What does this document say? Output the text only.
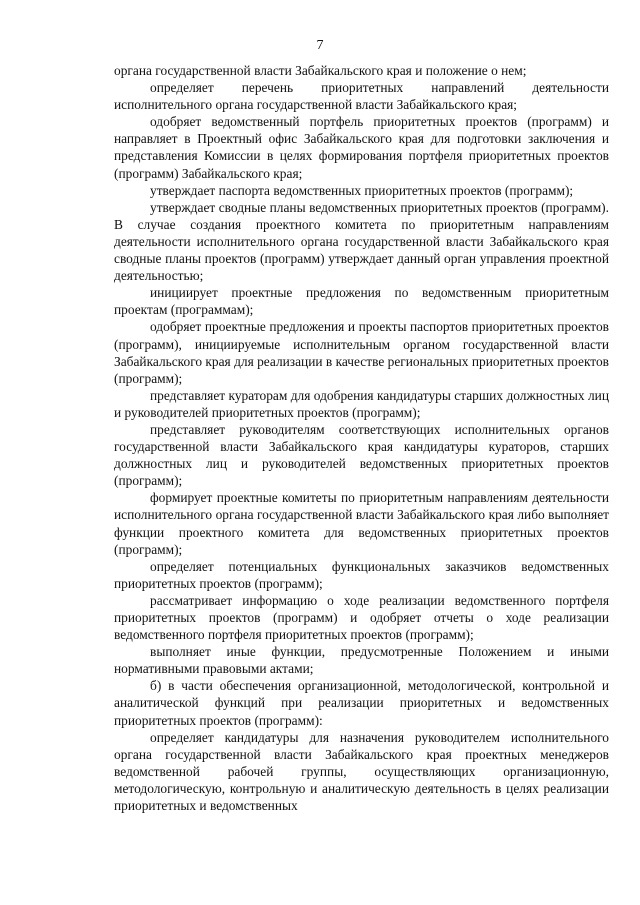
7

органа государственной власти Забайкальского края и положение о нем;

определяет перечень приоритетных направлений деятельности исполнительного органа государственной власти Забайкальского края;

одобряет ведомственный портфель приоритетных проектов (программ) и направляет в Проектный офис Забайкальского края для подготовки заключения и представления Комиссии в целях формирования портфеля приоритетных проектов (программ) Забайкальского края;

утверждает паспорта ведомственных приоритетных проектов (программ);

утверждает сводные планы ведомственных приоритетных проектов (программ). В случае создания проектного комитета по приоритетным направлениям деятельности исполнительного органа государственной власти Забайкальского края сводные планы проектов (программ) утверждает данный орган управления проектной деятельностью;

инициирует проектные предложения по ведомственным приоритетным проектам (программам);

одобряет проектные предложения и проекты паспортов приоритетных проектов (программ), инициируемые исполнительным органом государственной власти Забайкальского края для реализации в качестве региональных приоритетных проектов (программ);

представляет кураторам для одобрения кандидатуры старших должностных лиц и руководителей приоритетных проектов (программ);

представляет руководителям соответствующих исполнительных органов государственной власти Забайкальского края кандидатуры кураторов, старших должностных лиц и руководителей ведомственных приоритетных проектов (программ);

формирует проектные комитеты по приоритетным направлениям деятельности исполнительного органа государственной власти Забайкальского края либо выполняет функции проектного комитета для ведомственных приоритетных проектов (программ);

определяет потенциальных функциональных заказчиков ведомственных приоритетных проектов (программ);

рассматривает информацию о ходе реализации ведомственного портфеля приоритетных проектов (программ) и одобряет отчеты о ходе реализации ведомственного портфеля приоритетных проектов (программ);

выполняет иные функции, предусмотренные Положением и иными нормативными правовыми актами;

б) в части обеспечения организационной, методологической, контрольной и аналитической функций при реализации приоритетных и ведомственных приоритетных проектов (программ):

определяет кандидатуры для назначения руководителем исполнительного органа государственной власти Забайкальского края проектных менеджеров ведомственной рабочей группы, осуществляющих организационную, методологическую, контрольную и аналитическую деятельность в целях реализации приоритетных и ведомственных
